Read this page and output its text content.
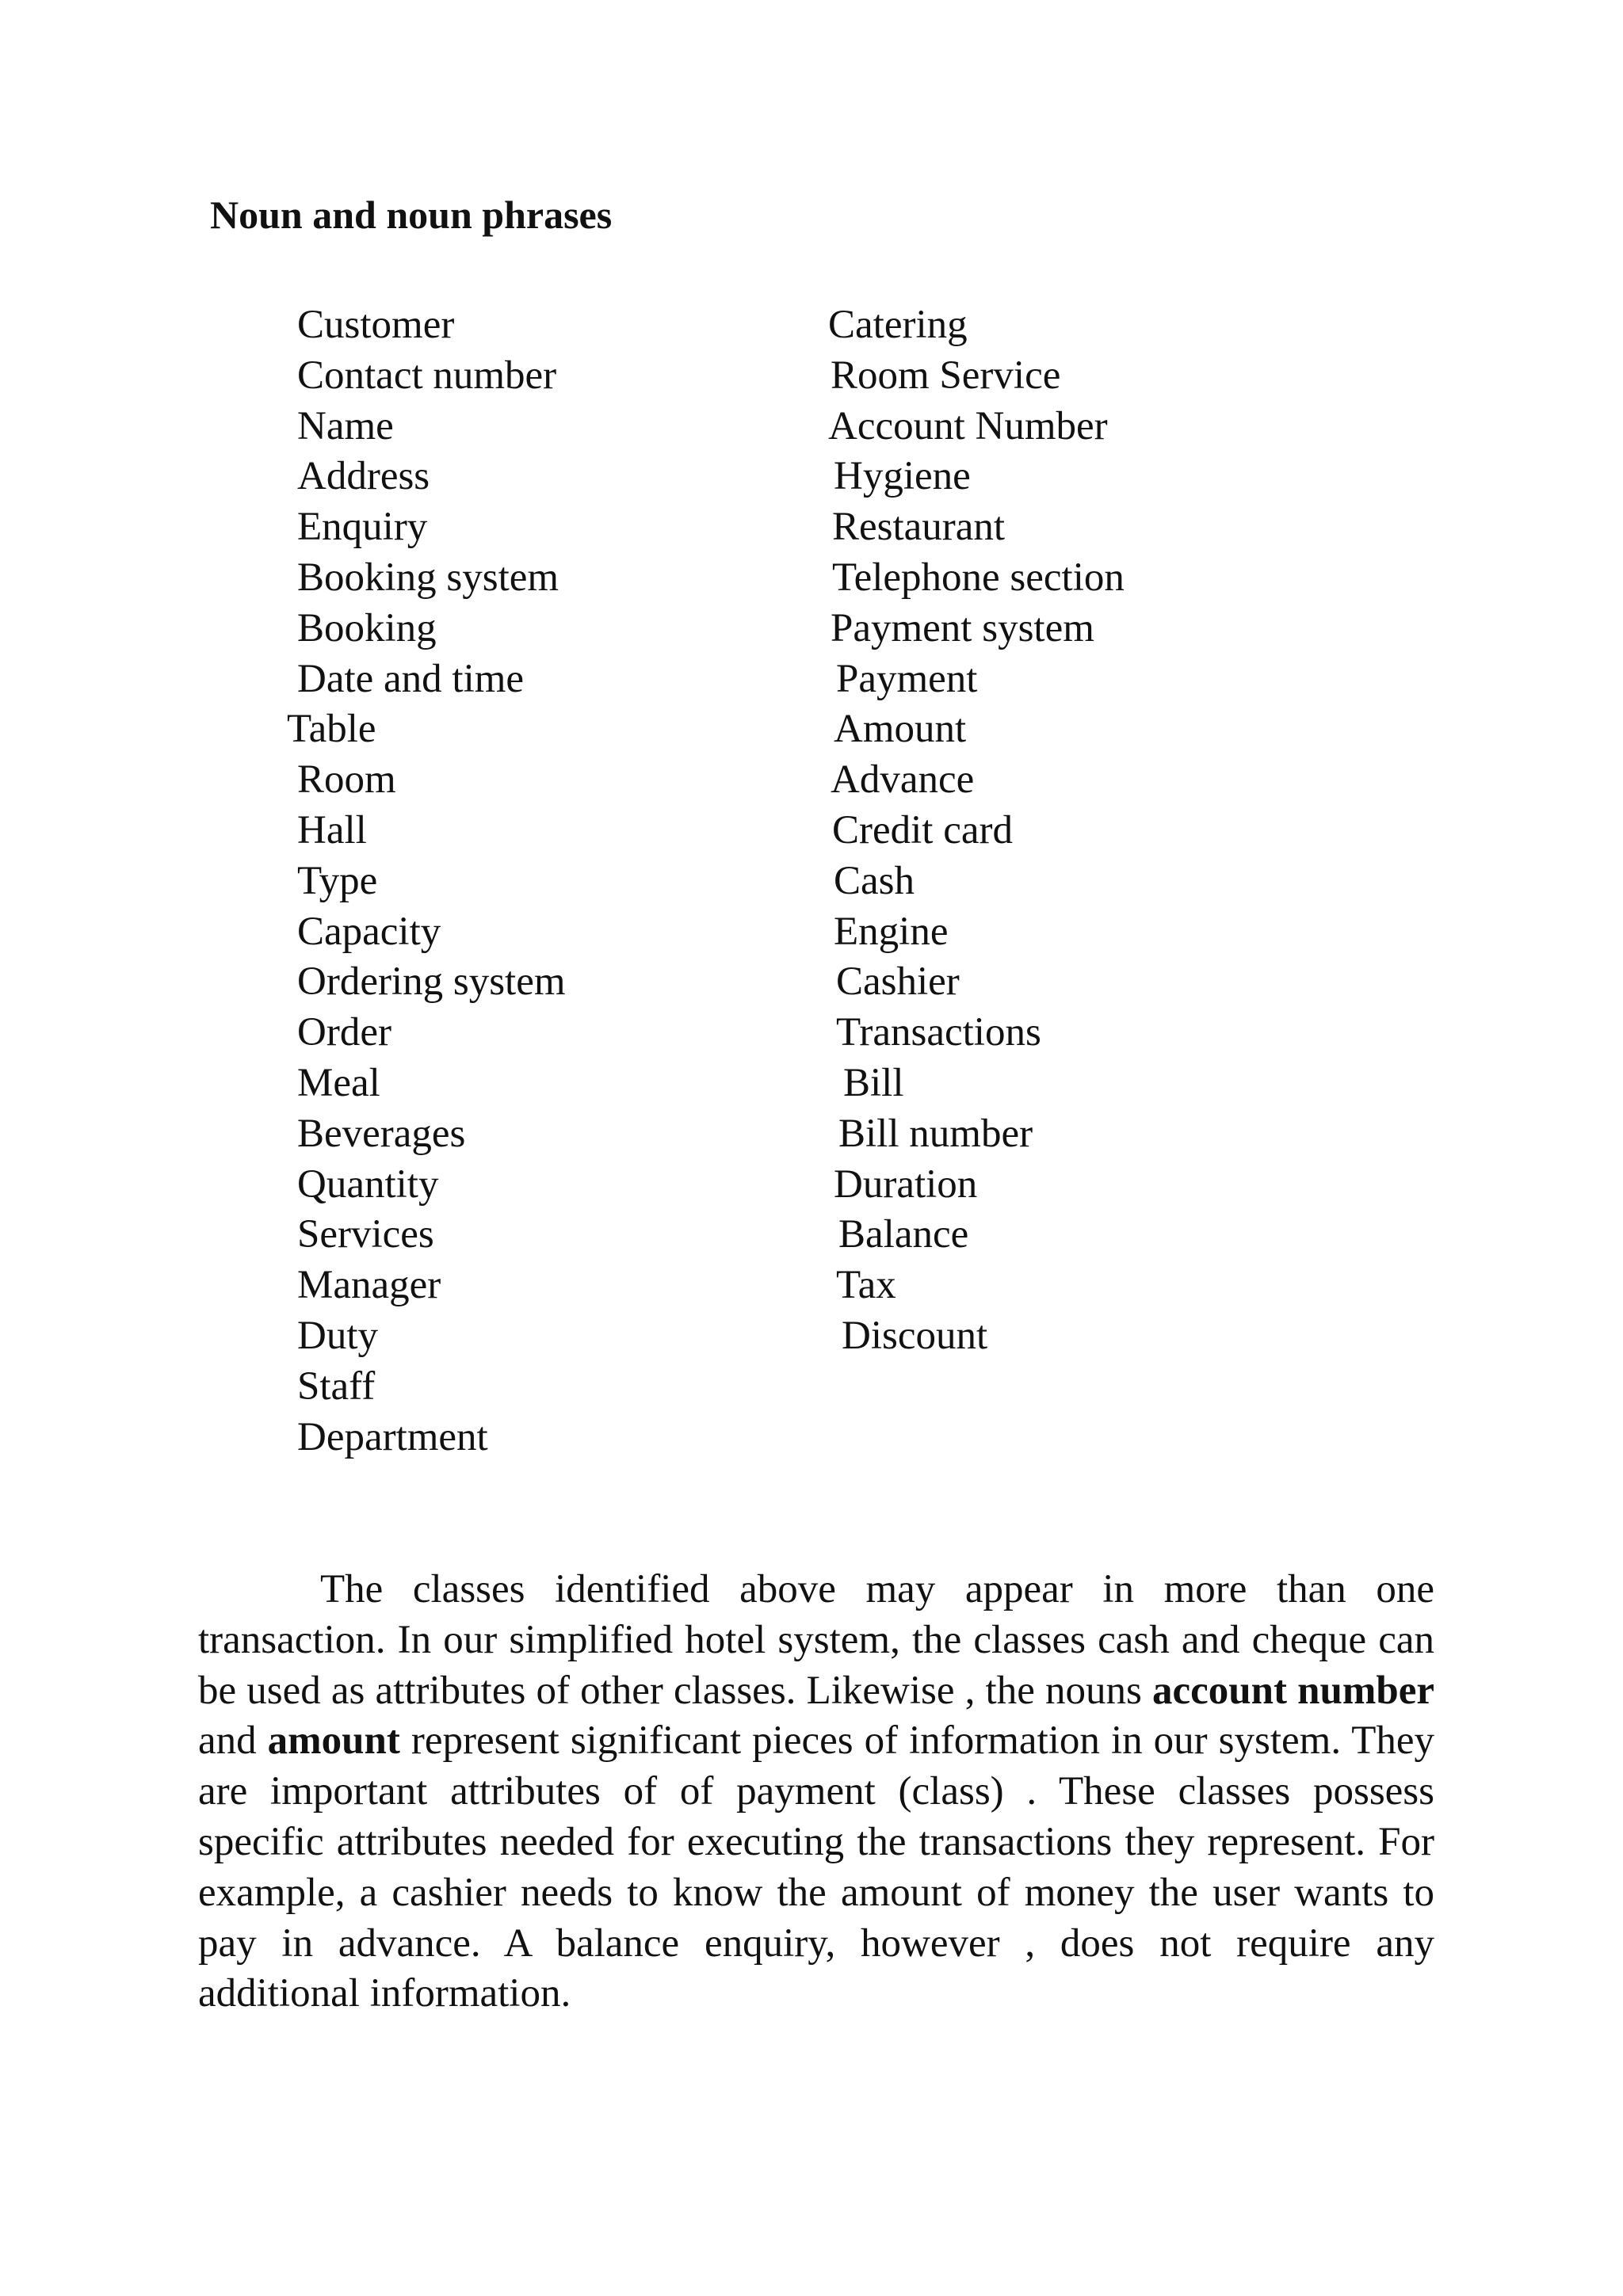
Noun and noun phrases
Customer
Contact number
Name
Address
Enquiry
Booking system
Booking
Date and time
Table
Room
Hall
Type
Capacity
Ordering system
Order
Meal
Beverages
Quantity
Services
Manager
Duty
Staff
Department
Catering
Room Service
Account Number
Hygiene
Restaurant
Telephone section
Payment system
Payment
Amount
Advance
Credit card
Cash
Engine
Cashier
Transactions
Bill
Bill number
Duration
Balance
Tax
Discount

The classes identified above may appear in more than one transaction. In our simplified hotel system, the classes cash and cheque can be used as attributes of other classes. Likewise , the nouns account number and amount represent significant pieces of information in our system. They are important attributes of of payment (class) . These classes possess specific attributes needed for executing the transactions they represent. For example, a cashier needs to know the amount of money the user wants to pay in advance. A balance enquiry, however , does not require any additional information.
